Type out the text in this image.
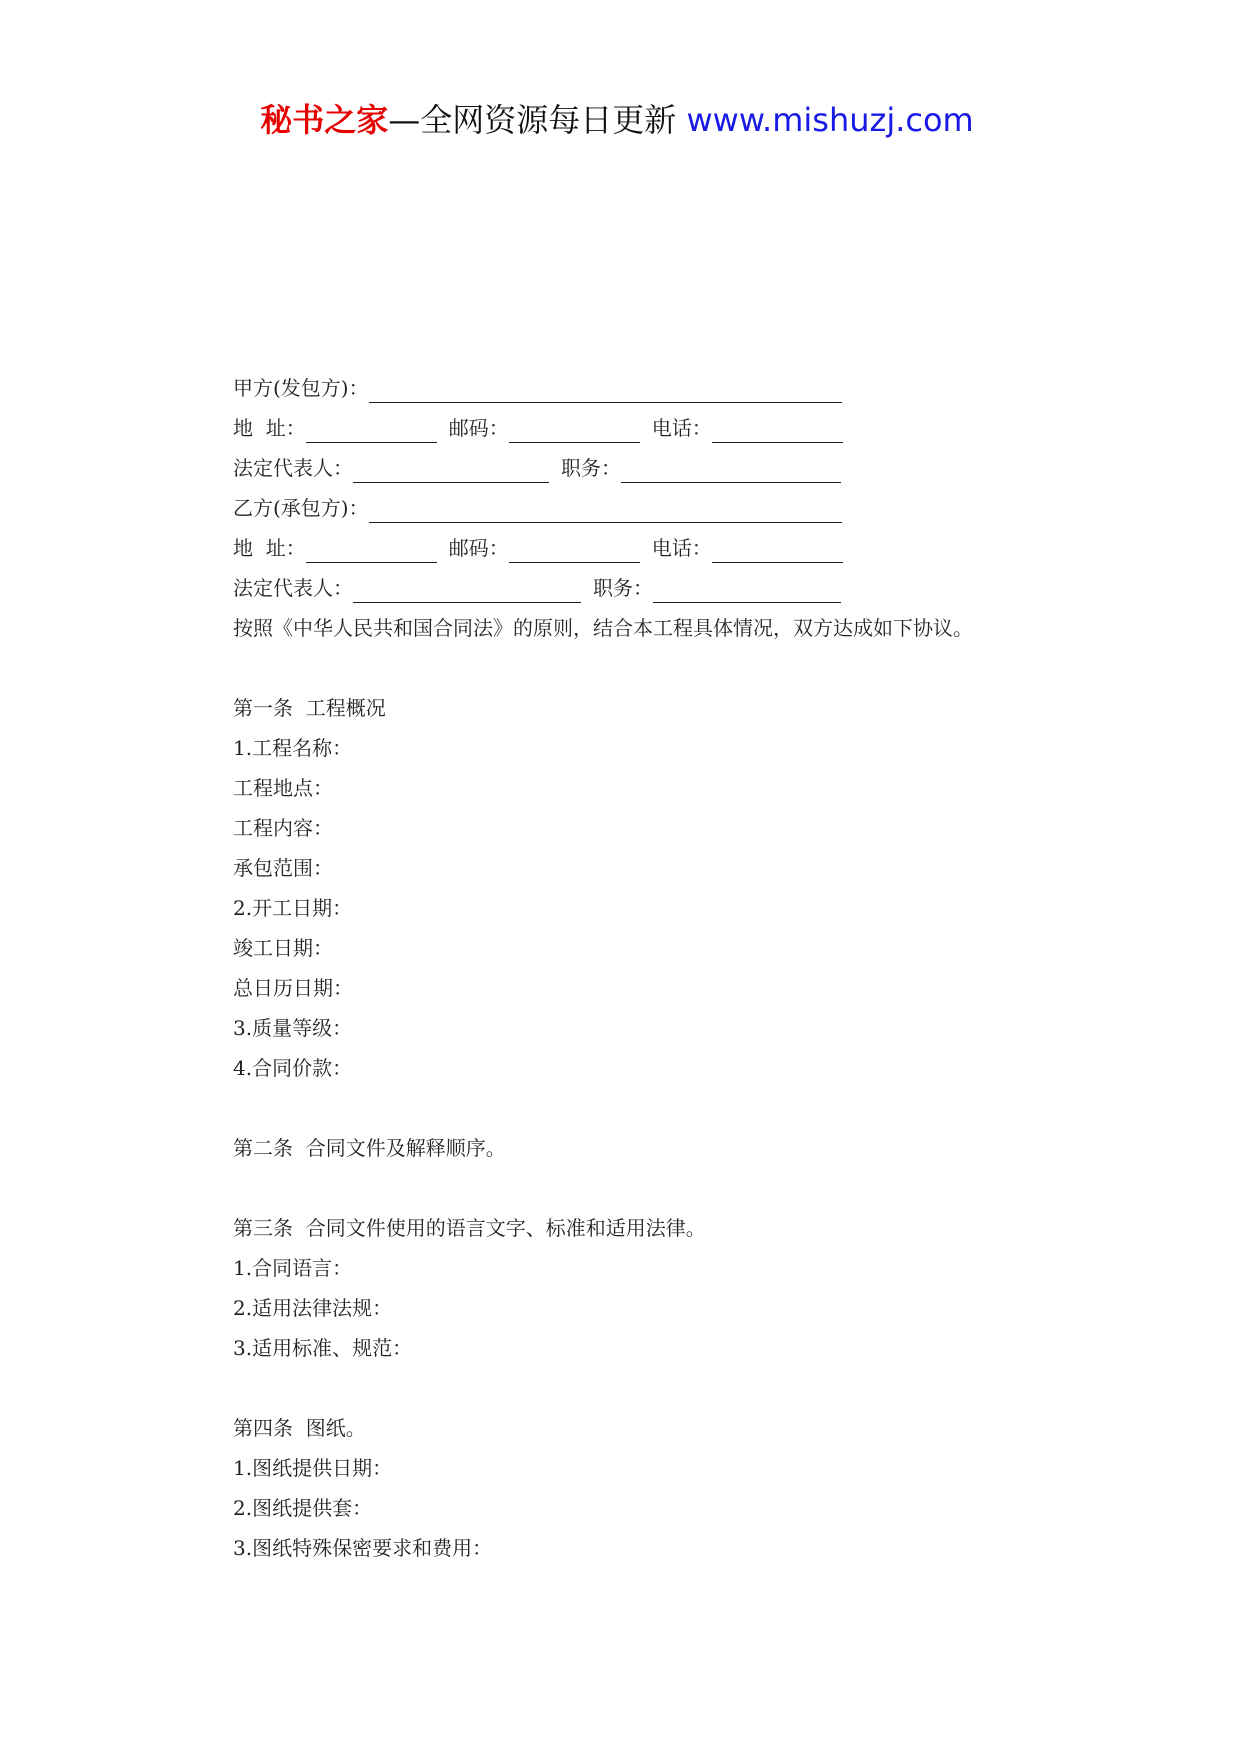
秘书之家—全网资源每日更新 www.mishuzj.com
甲方(发包方)：
地  址：	邮码：	电话：
法定代表人：	职务：
乙方(承包方)：
地  址：	邮码：	电话：
法定代表人：	职务：
按照《中华人民共和国合同法》的原则，结合本工程具体情况，双方达成如下协议。
第一条  工程概况
1.工程名称：
工程地点：
工程内容：
承包范围：
2.开工日期：
竣工日期：
总日历日期：
3.质量等级：
4.合同价款：
第二条  合同文件及解释顺序。
第三条  合同文件使用的语言文字、标准和适用法律。
1.合同语言：
2.适用法律法规：
3.适用标准、规范：
第四条  图纸。
1.图纸提供日期：
2.图纸提供套：
3.图纸特殊保密要求和费用：
